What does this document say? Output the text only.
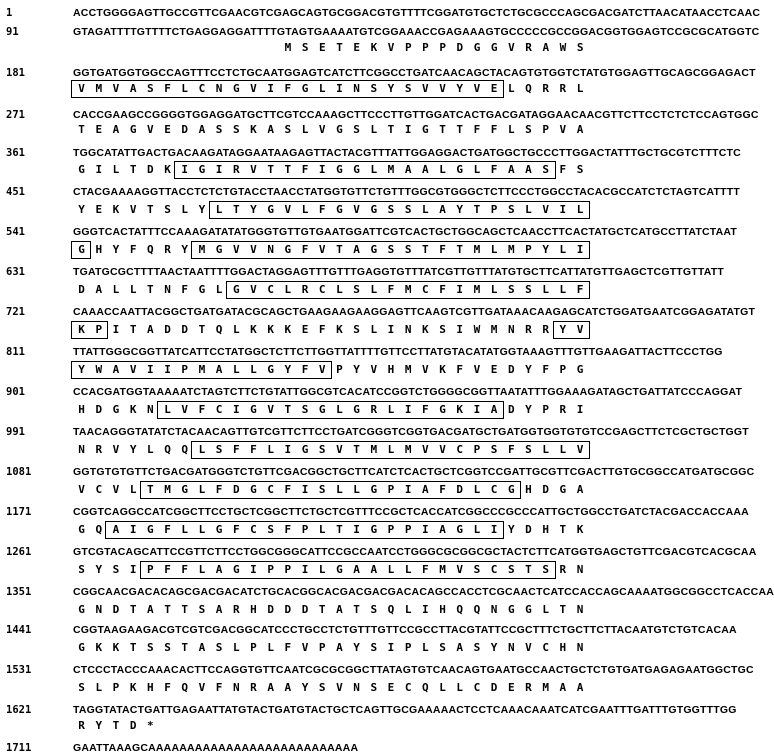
1	ACCTGGGGAGTTGCCGTTCGAACGTCGAGCAGTGCGGACGTGTTTTCGGATGTGCTCTGCGCCCAGCGACGATCTTAACATAACCTCAAC
91	GTAGATTTTGTTTTCTGAGGAGGATTTTGTAGTGAAAATGTCGGAAACCGAGAAAGTGCCCCCGCCGGACGGTGGAGTCCGCGCATGGTC
M S E T E K V P P P D G G V R A W S
181	GGTGATGGTGGCCAGTTTCCTCTGCAATGGAGTCATCTTCGGCCTGATCAACAGCTACAGTGTGGTCTATGTGGAGTTGCAGCGGAGACT
V M V A S F L C N G V I F G L I N S Y S V V Y V E L Q R R L
271	CACCGAAGCCGGGGTGGAGGATGCTTCGTCCAAAGCTTCCCTTGTTGGATCACTGACGATAGGAACAACGTTCTTCCTCTCTCCAGTGGC
T E A G V E D A S S K A S L V G S L T I G T T F F L S P V A
361	TGGCATATTGACTGACAAGATAGGAATAAGAGTTACTACGTTTATTGGAGGACTGATGGCTGCCCTTGGACTATTTGCTGCGTCTTTCTC
G I L T D K I G I R V T T F I G G L M A A L G L F A A S F S
451	CTACGAAAAGGTTACCTCTCTGTACCTAACCTATGGTGTTCTGTTTGGCGTGGGCTCTTCCCTGGCCTACACGCCATCTCTAGTCATTTT
Y E K V T S L Y L T Y G V L F G V G S S L A Y T P S L V I L
541	GGGTCACTATTTCCAAAGATATATGGGTGTTGTGAATGGATTCGTCACTGCTGGCAGCTCAACCTTCACTATGCTCATGCCTTATCTAAT
G H Y F Q R Y M G V V N G F V T A G S S T F T M L M P Y L I
631	TGATGCGCTTTTAACTAATTTTGGACTAGGAGTTTGTTTGAGGTGTTTATCGTTGTTTATGTGCTTCATTATGTTGAGCTCGTTGTTATT
D A L L T N F G L G V C L R C L S L F M C F I M L S S L L F
721	CAAACCAATTACGGCTGATGATACGCAGCTGAAGAAGAAGGAGTTCAAGTCGTTGATAAACAAGAGCATCTGGATGAATCGGAGATATGT
K P I T A D D T Q L K K K E F K S L I N K S I W M N R R Y V
811	TTATTGGGCGGTTATCATTCCTATGGCTCTTCTTGGTTATTTTGTTCCTTATGTACATATGGTAAAGTTTGTTGAAGATTACTTCCCTGG
Y W A V I I P M A L L G Y F V P Y V H M V K F V E D Y F P G
901	CCACGATGGTAAAAATCTAGTCTTCTGTATTGGCGTCACATCCGGTCTGGGGCGGTTAATATTTGGAAAGATAGCTGATTATCCCAGGAT
H D G K N L V F C I G V T S G L G R L I F G K I A D Y P R I
991	TAACAGGGTATATCTACAACAGTTGTCGTTCTTCCTGATCGGGTCGGTGACGATGCTGATGGTGGTGTGTCCGAGCTTCTCGCTGCTGGT
N R V Y L Q Q L S F F L I G S V T M L M V V C P S F S L L V
1081	GGTGTGTGTTCTGACGATGGGTCTGTTCGACGGCTGCTTCATCTCACTGCTCGGTCCGATTGCGTTCGACTTGTGCGGCCATGATGCGGC
V C V L T M G L F D G C F I S L L G P I A F D L C G H D G A
1171	CGGTCAGGCCATCGGCTTCCTGCTCGGCTTCTGCTCGTTTCCGCTCACCATCGGCCCGCCCATTGCTGGCCTGATCTACGACCACCAAA
G Q A I G F L L G F C S F P L T I G P P I A G L I Y D H T K
1261	GTCGTACAGCATTCCGTTCTTCCTGGCGGGCATTCCGCCAATCCTGGGCGCGGCGCTACTCTTCATGGTGAGCTGTTCGACGTCACGCAA
S Y S I P F F L A G I P P I L G A A L L F M V S C S T S R N
1351	CGGCAACGACACAGCGACGACATCTGCACGGCACGACGACGACACAGCCACCTCGCAACTCATCCACCAGCAAAATGGCGGCCTCACCAA
G N D T A T T S A R H D D D T A T S Q L I H Q Q N G G L T N
1441	CGGTAAGAAGACGTCGTCGACGGCATCCCTGCCTCTGTTTGTTCCGCCTTACGTATTCCGCTTTCTGCTTCTTACAATGTCTGTCACAA
G K K T S S T A S L P L F V P A Y S I P L S A S Y N V C H N
1531	CTCCCTACCCAAACACTTCCAGGTGTTCAATCGCGCGGCTTATAGTGTCAACAGTGAATGCCAACTGCTCTGTGATGAGAGAATGGCTGC
S L P K H F Q V F N R A A Y S V N S E C Q L L C D E R M A A
1621	TAGGTATACTGATTGAGAATTATGTACTGATGTACTGCTCAGTTGCGAAAAACTCCTCAAACAAATCATCGAATTTGATTTGTGGTTTGG
R Y T D *
1711	GAATTAAAGCAAAAAAAAAAAAAAAAAAAAAAAAAAA
